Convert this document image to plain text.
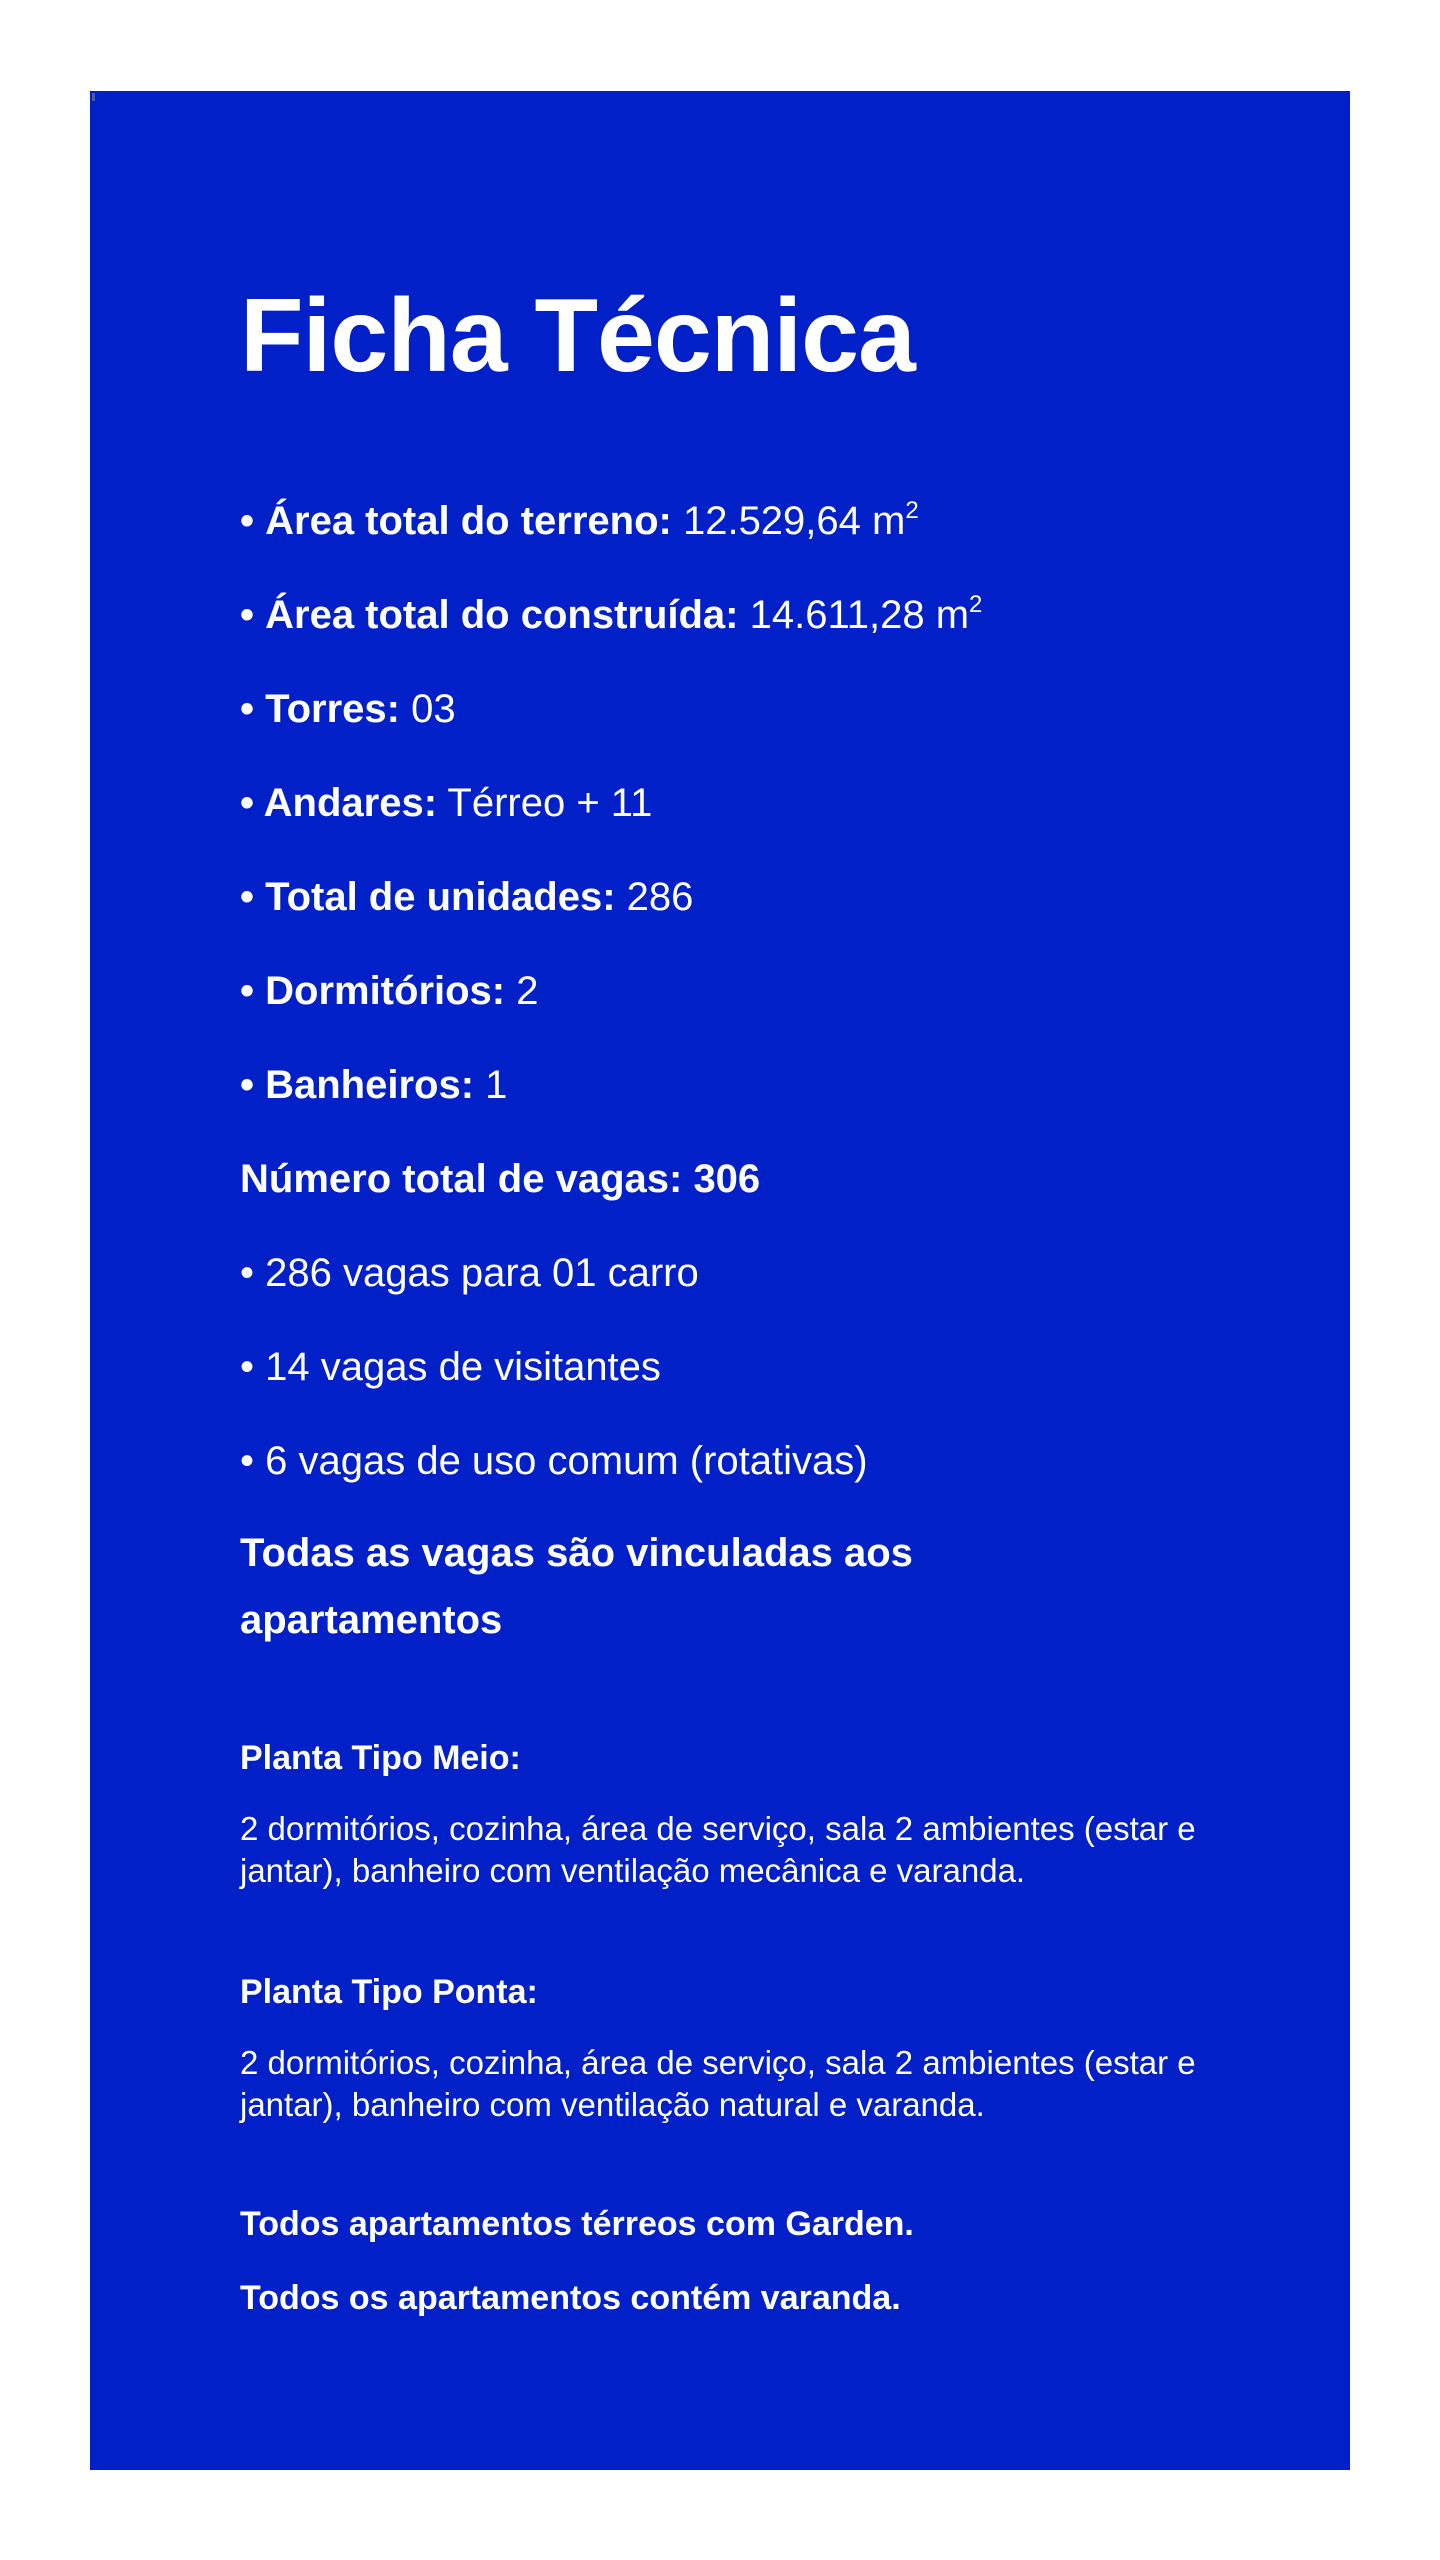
Ficha Técnica
• Área total do terreno: 12.529,64 $m^2$
• Área total do construída: 14.611,28 $m^2$
• Torres: 03
• Andares: Térreo + 11
• Total de unidades: 286
• Dormitórios: 2
• Banheiros: 1
Número total de vagas: 306
• 286 vagas para 01 carro
• 14 vagas de visitantes
• 6 vagas de uso comum (rotativas)
Todas as vagas são vinculadas aos apartamentos
Planta Tipo Meio:
2 dormitórios, cozinha, área de serviço, sala 2 ambientes (estar e jantar), banheiro com ventilação mecânica e varanda.
Planta Tipo Ponta:
2 dormitórios, cozinha, área de serviço, sala 2 ambientes (estar e jantar), banheiro com ventilação natural e varanda.
Todos apartamentos térreos com Garden.
Todos os apartamentos contém varanda.
